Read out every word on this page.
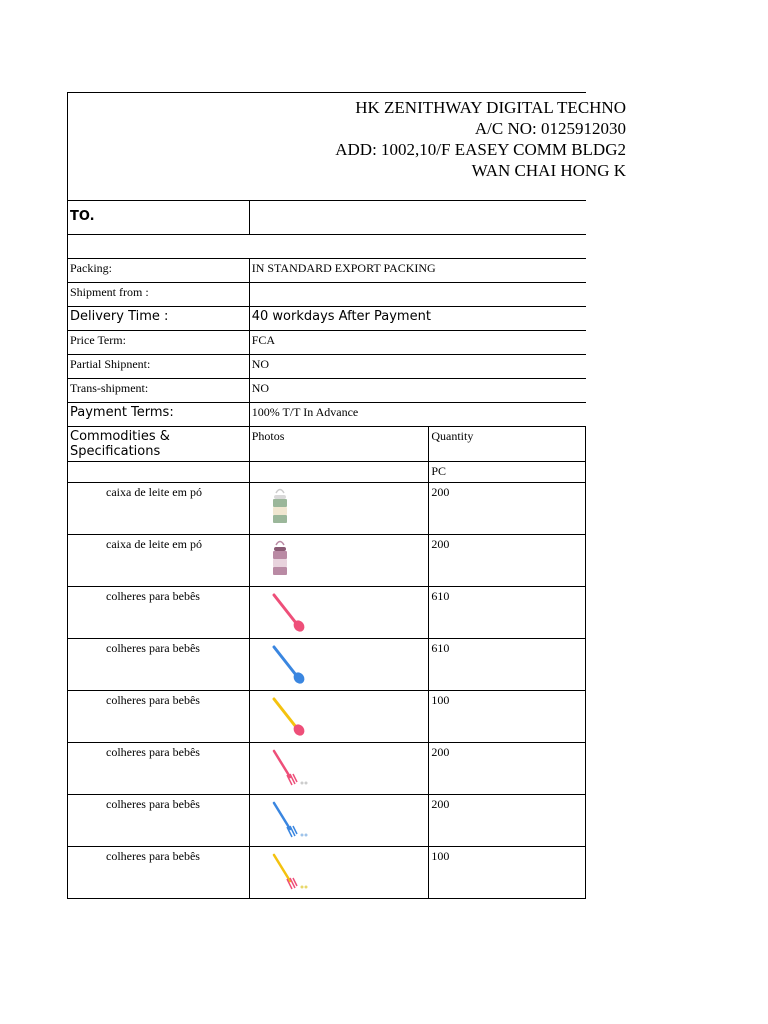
HK ZENITHWAY DIGITAL TECHNO
A/C NO: 0125912030
ADD: 1002,10/F EASEY COMM BLDG2
WAN CHAI HONG K
TO.		

Packing:	IN STANDARD EXPORT PACKING	
Shipment from :		
Delivery Time :	40 workdays After Payment	
Price Term:	FCA	
Partial Shipnent:	NO	
Trans-shipment:	NO	
Payment Terms:	100% T/T In Advance	
Commodities & Specifications	Photos	Quantity
		PC
caixa de leite em pó		200
caixa de leite em pó		200
colheres para bebês		610
colheres para bebês		610
colheres para bebês		100
colheres para bebês		200
colheres para bebês		200
colheres para bebês		100
